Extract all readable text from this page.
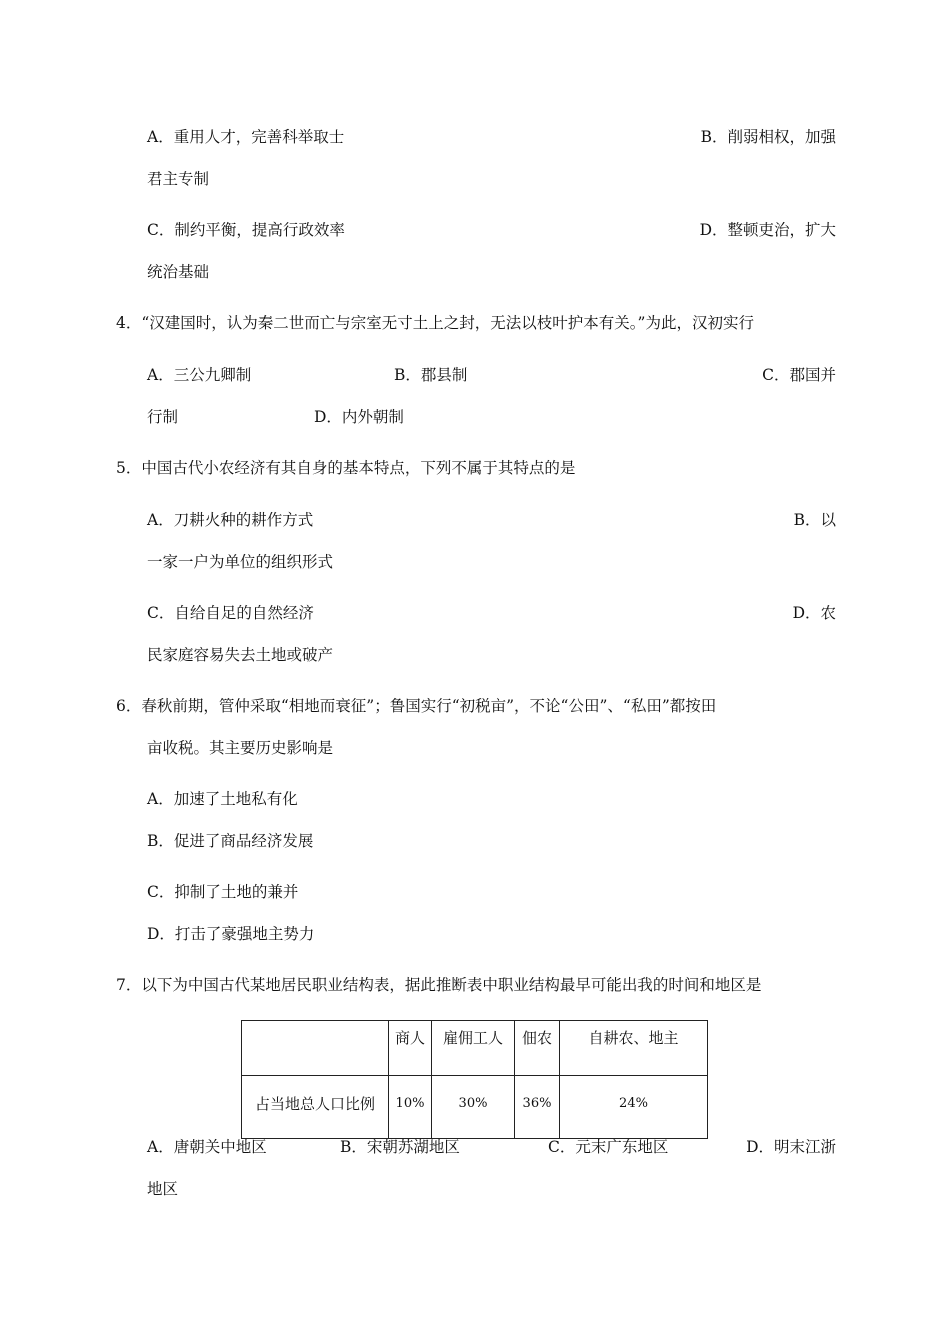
A．重用人才，完善科举取士	B．削弱相权，加强
君主专制
C．制约平衡，提高行政效率	D．整顿吏治，扩大
统治基础
4．“汉建国时，认为秦二世而亡与宗室无寸土上之封，无法以枝叶护本有关。”为此，汉初实行
A．三公九卿制	B．郡县制	C．郡国并
行制	D．内外朝制
5．中国古代小农经济有其自身的基本特点，下列不属于其特点的是
A．刀耕火种的耕作方式	B．以
一家一户为单位的组织形式
C．自给自足的自然经济	D．农
民家庭容易失去土地或破产
6．春秋前期，管仲采取“相地而衰征”；鲁国实行“初税亩”，不论“公田”、“私田”都按田
亩收税。其主要历史影响是
A．加速了土地私有化
B．促进了商品经济发展
C．抑制了土地的兼并
D．打击了豪强地主势力
7．以下为中国古代某地居民职业结构表，据此推断表中职业结构最早可能出我的时间和地区是
	商人	雇佣工人	佃农	自耕农、地主
占当地总人口比例	10%	30%	36%	24%
A．唐朝关中地区	B．宋朝苏湖地区	C．元末广东地区	D．明末江浙
地区
